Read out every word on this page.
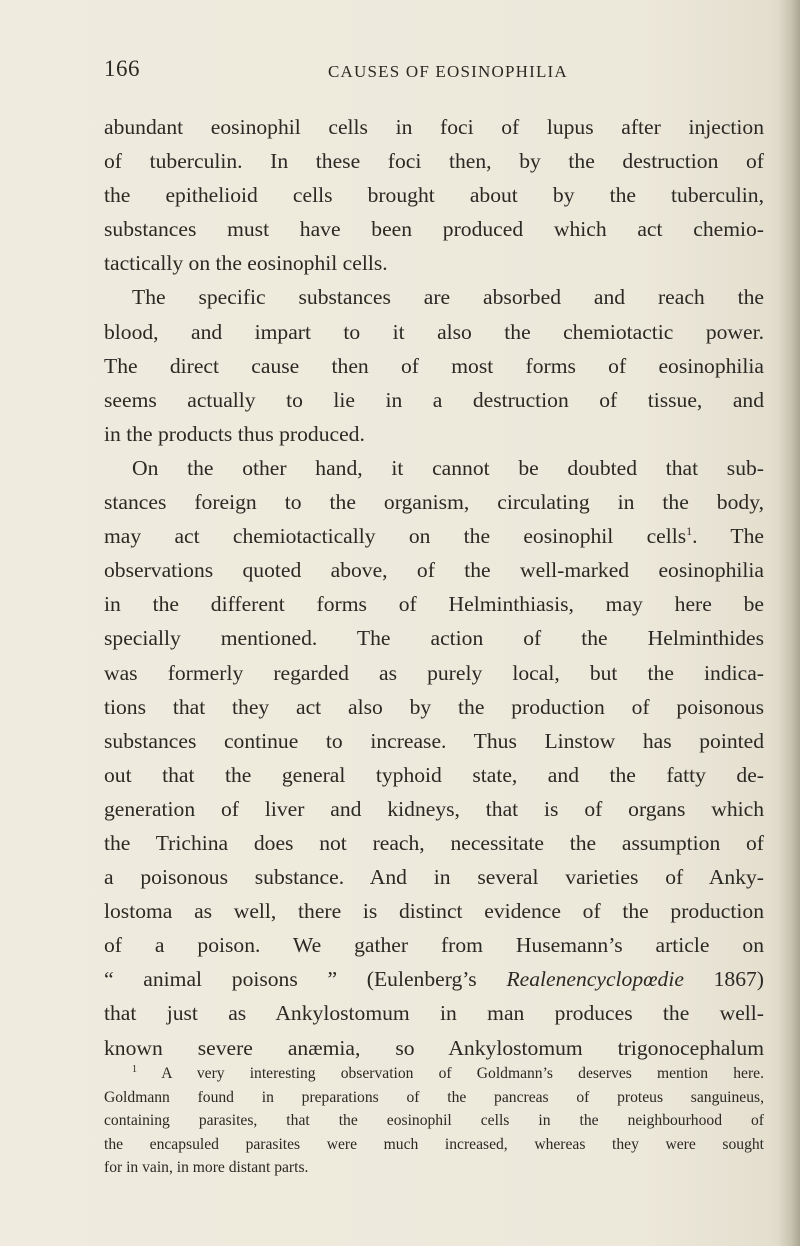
166	CAUSES OF EOSINOPHILIA
abundant eosinophil cells in foci of lupus after injection
of tuberculin. In these foci then, by the destruction of
the epithelioid cells brought about by the tuberculin,
substances must have been produced which act chemio-
tactically on the eosinophil cells.
The specific substances are absorbed and reach the
blood, and impart to it also the chemiotactic power.
The direct cause then of most forms of eosinophilia
seems actually to lie in a destruction of tissue, and
in the products thus produced.
On the other hand, it cannot be doubted that sub-
stances foreign to the organism, circulating in the body,
may act chemiotactically on the eosinophil cells$^1$. The
observations quoted above, of the well-marked eosinophilia
in the different forms of Helminthiasis, may here be
specially mentioned. The action of the Helminthides
was formerly regarded as purely local, but the indica-
tions that they act also by the production of poisonous
substances continue to increase. Thus Linstow has pointed
out that the general typhoid state, and the fatty de-
generation of liver and kidneys, that is of organs which
the Trichina does not reach, necessitate the assumption of
a poisonous substance. And in several varieties of Anky-
lostoma as well, there is distinct evidence of the production
of a poison. We gather from Husemann’s article on
“ animal poisons ” (Eulenberg’s Realenencyclopœdie 1867)
that just as Ankylostomum in man produces the well-
known severe anæmia, so Ankylostomum trigonocephalum
$^1$ A very interesting observation of Goldmann’s deserves mention here.
Goldmann found in preparations of the pancreas of proteus sanguineus,
containing parasites, that the eosinophil cells in the neighbourhood of
the encapsuled parasites were much increased, whereas they were sought
for in vain, in more distant parts.
